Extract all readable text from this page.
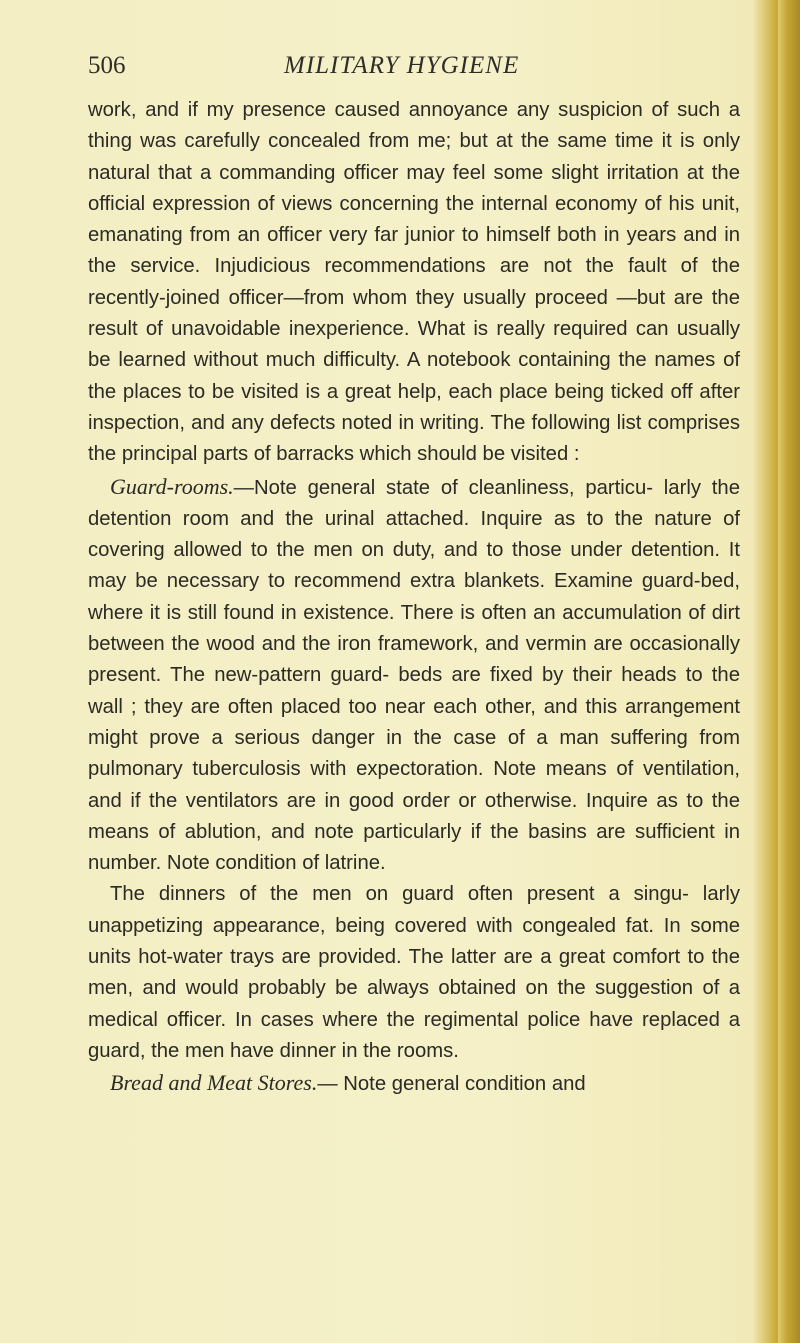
506	MILITARY HYGIENE

work, and if my presence caused annoyance any suspicion of such a thing was carefully concealed from me; but at the same time it is only natural that a commanding officer may feel some slight irritation at the official expression of views concerning the internal economy of his unit, emanating from an officer very far junior to himself both in years and in the service. Injudicious recommendations are not the fault of the recently-joined officer—from whom they usually proceed —but are the result of unavoidable inexperience. What is really required can usually be learned without much difficulty. A notebook containing the names of the places to be visited is a great help, each place being ticked off after inspection, and any defects noted in writing. The following list comprises the principal parts of barracks which should be visited :

Guard-rooms.—Note general state of cleanliness, particu- larly the detention room and the urinal attached. Inquire as to the nature of covering allowed to the men on duty, and to those under detention. It may be necessary to recommend extra blankets. Examine guard-bed, where it is still found in existence. There is often an accumulation of dirt between the wood and the iron framework, and vermin are occasionally present. The new-pattern guard- beds are fixed by their heads to the wall ; they are often placed too near each other, and this arrangement might prove a serious danger in the case of a man suffering from pulmonary tuberculosis with expectoration. Note means of ventilation, and if the ventilators are in good order or otherwise. Inquire as to the means of ablution, and note particularly if the basins are sufficient in number. Note condition of latrine.

The dinners of the men on guard often present a singu- larly unappetizing appearance, being covered with congealed fat. In some units hot-water trays are provided. The latter are a great comfort to the men, and would probably be always obtained on the suggestion of a medical officer. In cases where the regimental police have replaced a guard, the men have dinner in the rooms.

Bread and Meat Stores.— Note general condition and
